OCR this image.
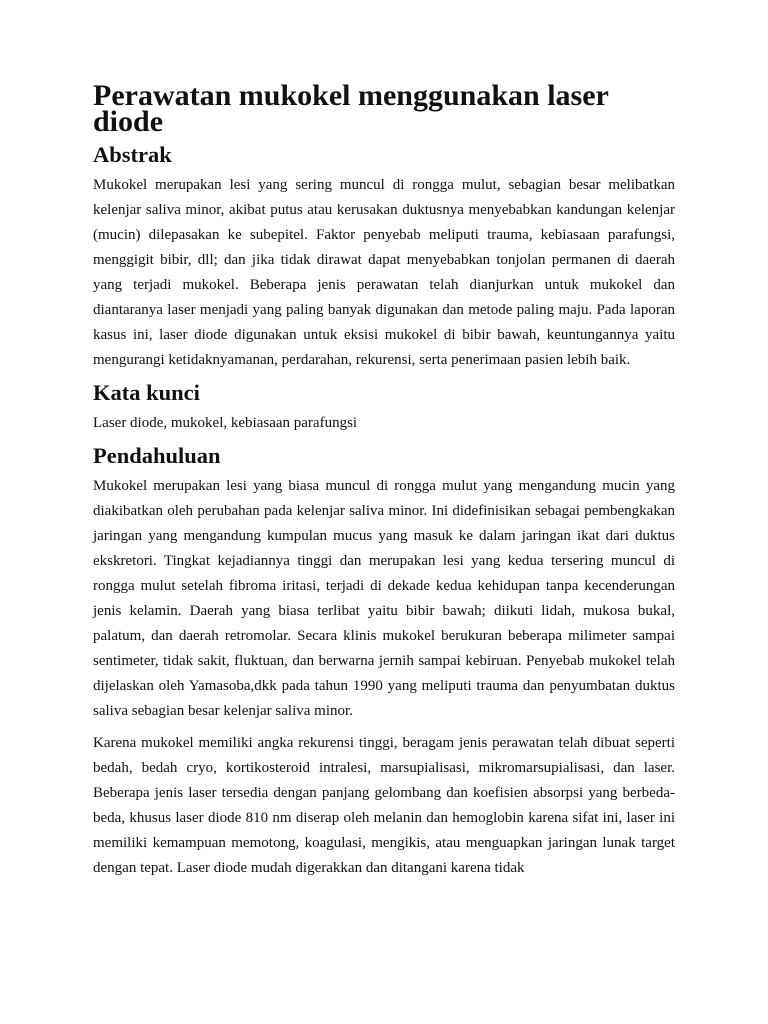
Perawatan mukokel menggunakan laser diode
Abstrak

Mukokel merupakan lesi yang sering muncul di rongga mulut, sebagian besar melibatkan kelenjar saliva minor, akibat putus atau kerusakan duktusnya menyebabkan kandungan kelenjar (mucin) dilepasakan ke subepitel. Faktor penyebab meliputi trauma, kebiasaan parafungsi, menggigit bibir, dll; dan jika tidak dirawat dapat menyebabkan tonjolan permanen di daerah yang terjadi mukokel. Beberapa jenis perawatan telah dianjurkan untuk mukokel dan diantaranya laser menjadi yang paling banyak digunakan dan metode paling maju. Pada laporan kasus ini, laser diode digunakan untuk eksisi mukokel di bibir bawah, keuntungannya yaitu mengurangi ketidaknyamanan, perdarahan, rekurensi, serta penerimaan pasien lebih baik.

Kata kunci

Laser diode, mukokel, kebiasaan parafungsi

Pendahuluan

Mukokel merupakan lesi yang biasa muncul di rongga mulut yang mengandung mucin yang diakibatkan oleh perubahan pada kelenjar saliva minor. Ini didefinisikan sebagai pembengkakan jaringan yang mengandung kumpulan mucus yang masuk ke dalam jaringan ikat dari duktus ekskretori. Tingkat kejadiannya tinggi dan merupakan lesi yang kedua tersering muncul di rongga mulut setelah fibroma iritasi, terjadi di dekade kedua kehidupan tanpa kecenderungan jenis kelamin. Daerah yang biasa terlibat yaitu bibir bawah; diikuti lidah, mukosa bukal, palatum, dan daerah retromolar. Secara klinis mukokel berukuran beberapa milimeter sampai sentimeter, tidak sakit, fluktuan, dan berwarna jernih sampai kebiruan. Penyebab mukokel telah dijelaskan oleh Yamasoba,dkk pada tahun 1990 yang meliputi trauma dan penyumbatan duktus saliva sebagian besar kelenjar saliva minor.

Karena mukokel memiliki angka rekurensi tinggi, beragam jenis perawatan telah dibuat seperti bedah, bedah cryo, kortikosteroid intralesi, marsupialisasi, mikromarsupialisasi, dan laser. Beberapa jenis laser tersedia dengan panjang gelombang dan koefisien absorpsi yang berbeda-beda, khusus laser diode 810 nm diserap oleh melanin dan hemoglobin karena sifat ini, laser ini memiliki kemampuan memotong, koagulasi, mengikis, atau menguapkan jaringan lunak target dengan tepat. Laser diode mudah digerakkan dan ditangani karena tidak
